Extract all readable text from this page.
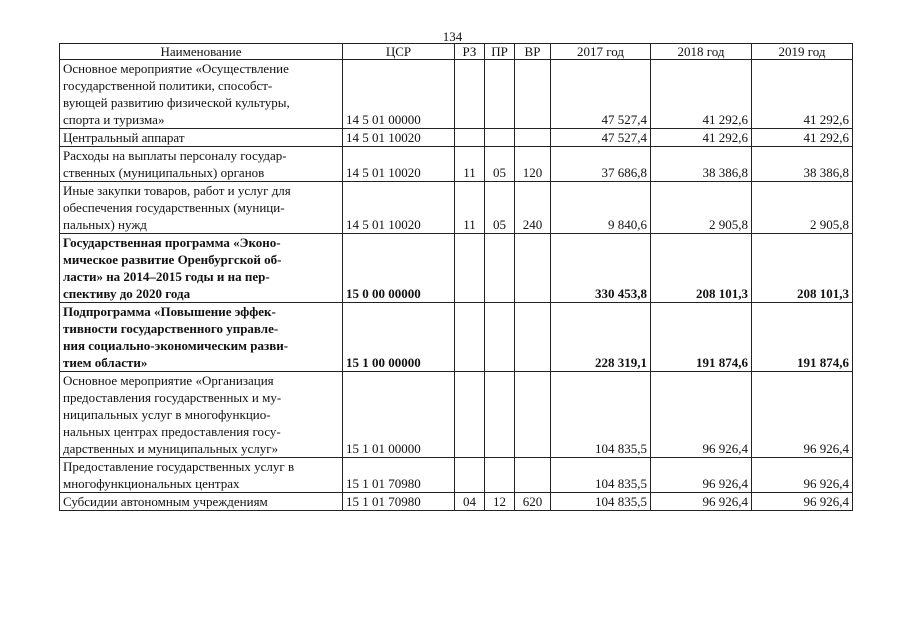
134
Наименование	ЦСР	РЗ	ПР	ВР	2017 год	2018 год	2019 год
Основное мероприятие «Осуществление
государственной политики, способст-
вующей развитию физической культуры,
спорта и туризма»	14 5 01 00000				47 527,4	41 292,6	41 292,6
Центральный аппарат	14 5 01 10020				47 527,4	41 292,6	41 292,6
Расходы на выплаты персоналу государ-
ственных (муниципальных) органов	14 5 01 10020	11	05	120	37 686,8	38 386,8	38 386,8
Иные закупки товаров, работ и услуг для
обеспечения государственных (муници-
пальных) нужд	14 5 01 10020	11	05	240	9 840,6	2 905,8	2 905,8
Государственная программа «Эконо-
мическое развитие Оренбургской об-
ласти» на 2014–2015 годы и на пер-
спективу до 2020 года	15 0 00 00000				330 453,8	208 101,3	208 101,3
Подпрограмма «Повышение эффек-
тивности государственного управле-
ния социально-экономическим разви-
тием области»	15 1 00 00000				228 319,1	191 874,6	191 874,6
Основное мероприятие «Организация
предоставления государственных и му-
ниципальных услуг в многофункцио-
нальных центрах предоставления госу-
дарственных и муниципальных услуг»	15 1 01 00000				104 835,5	96 926,4	96 926,4
Предоставление государственных услуг в
многофункциональных центрах	15 1 01 70980				104 835,5	96 926,4	96 926,4
Субсидии автономным учреждениям	15 1 01 70980	04	12	620	104 835,5	96 926,4	96 926,4
